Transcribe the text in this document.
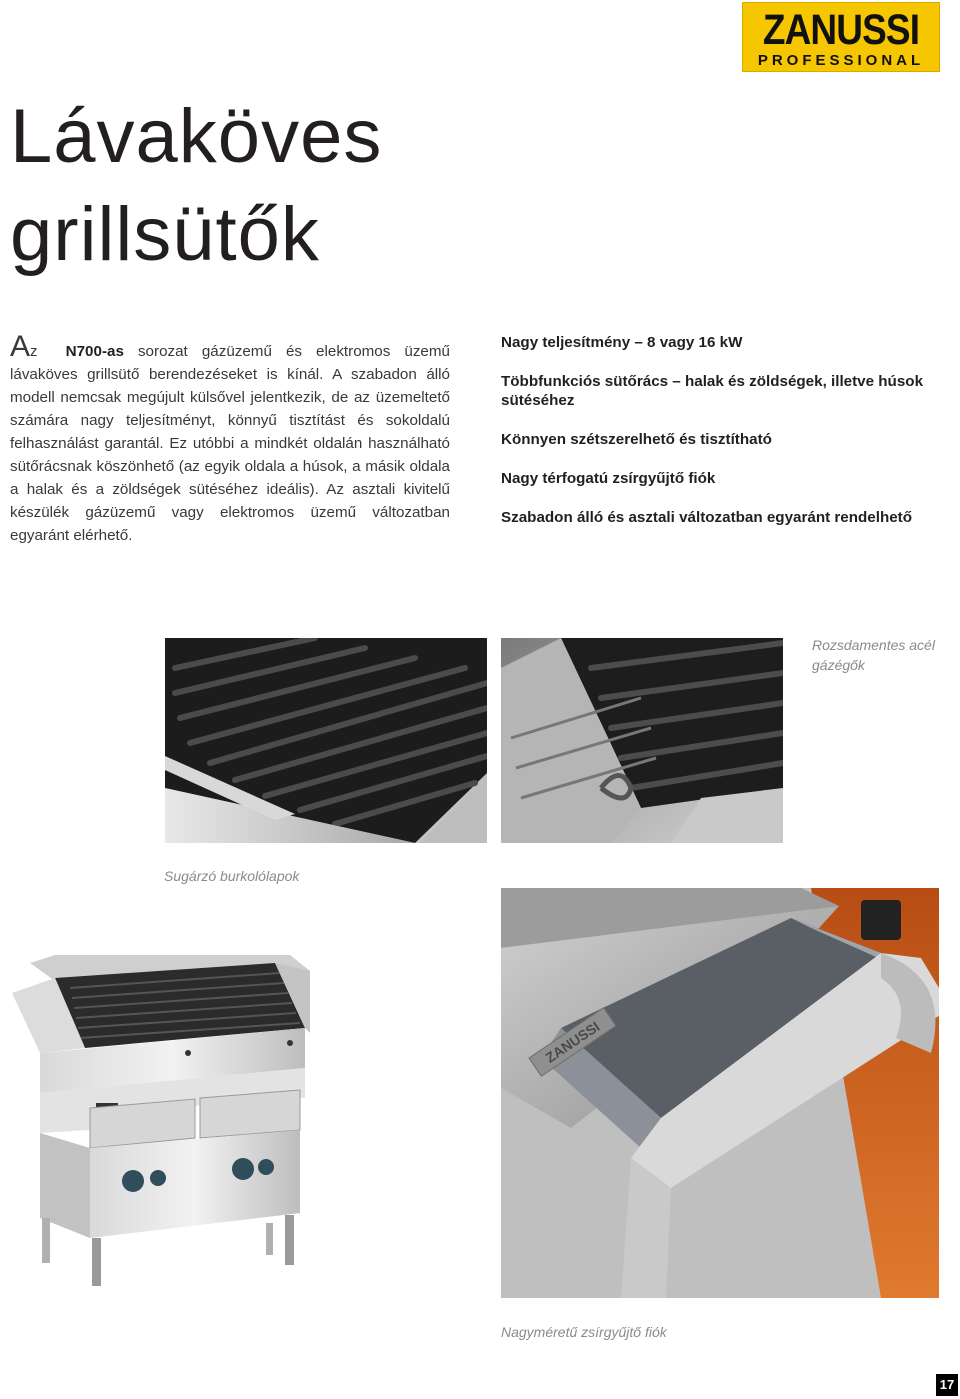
ZANUSSI
PROFESSIONAL
Lávaköves
grillsütők

Az N700-as sorozat gázüzemű és elektromos üzemű lávaköves grillsütő berendezéseket is kínál. A szabadon álló modell nemcsak megújult külsővel jelentkezik, de az üzemeltető számára nagy teljesítményt, könnyű tisztítást és sokoldalú felhasználást garantál. Ez utóbbi a mindkét oldalán használható sütőrácsnak köszönhető (az egyik oldala a húsok, a másik oldala a halak és a zöldségek sütéséhez ideális). Az asztali kivitelű készülék gázüzemű vagy elektromos üzemű változatban egyaránt elérhető.

Nagy teljesítmény – 8 vagy 16 kW

Többfunkciós sütőrács – halak és zöldségek, illetve húsok sütéséhez

Könnyen szétszerelhető és tisztítható

Nagy térfogatú zsírgyűjtő fiók

Szabadon álló és asztali változatban egyaránt rendelhető

Rozsdamentes acél gázégők
Sugárzó burkolólapok
ZANUSSI
Nagyméretű zsírgyűjtő fiók
17
